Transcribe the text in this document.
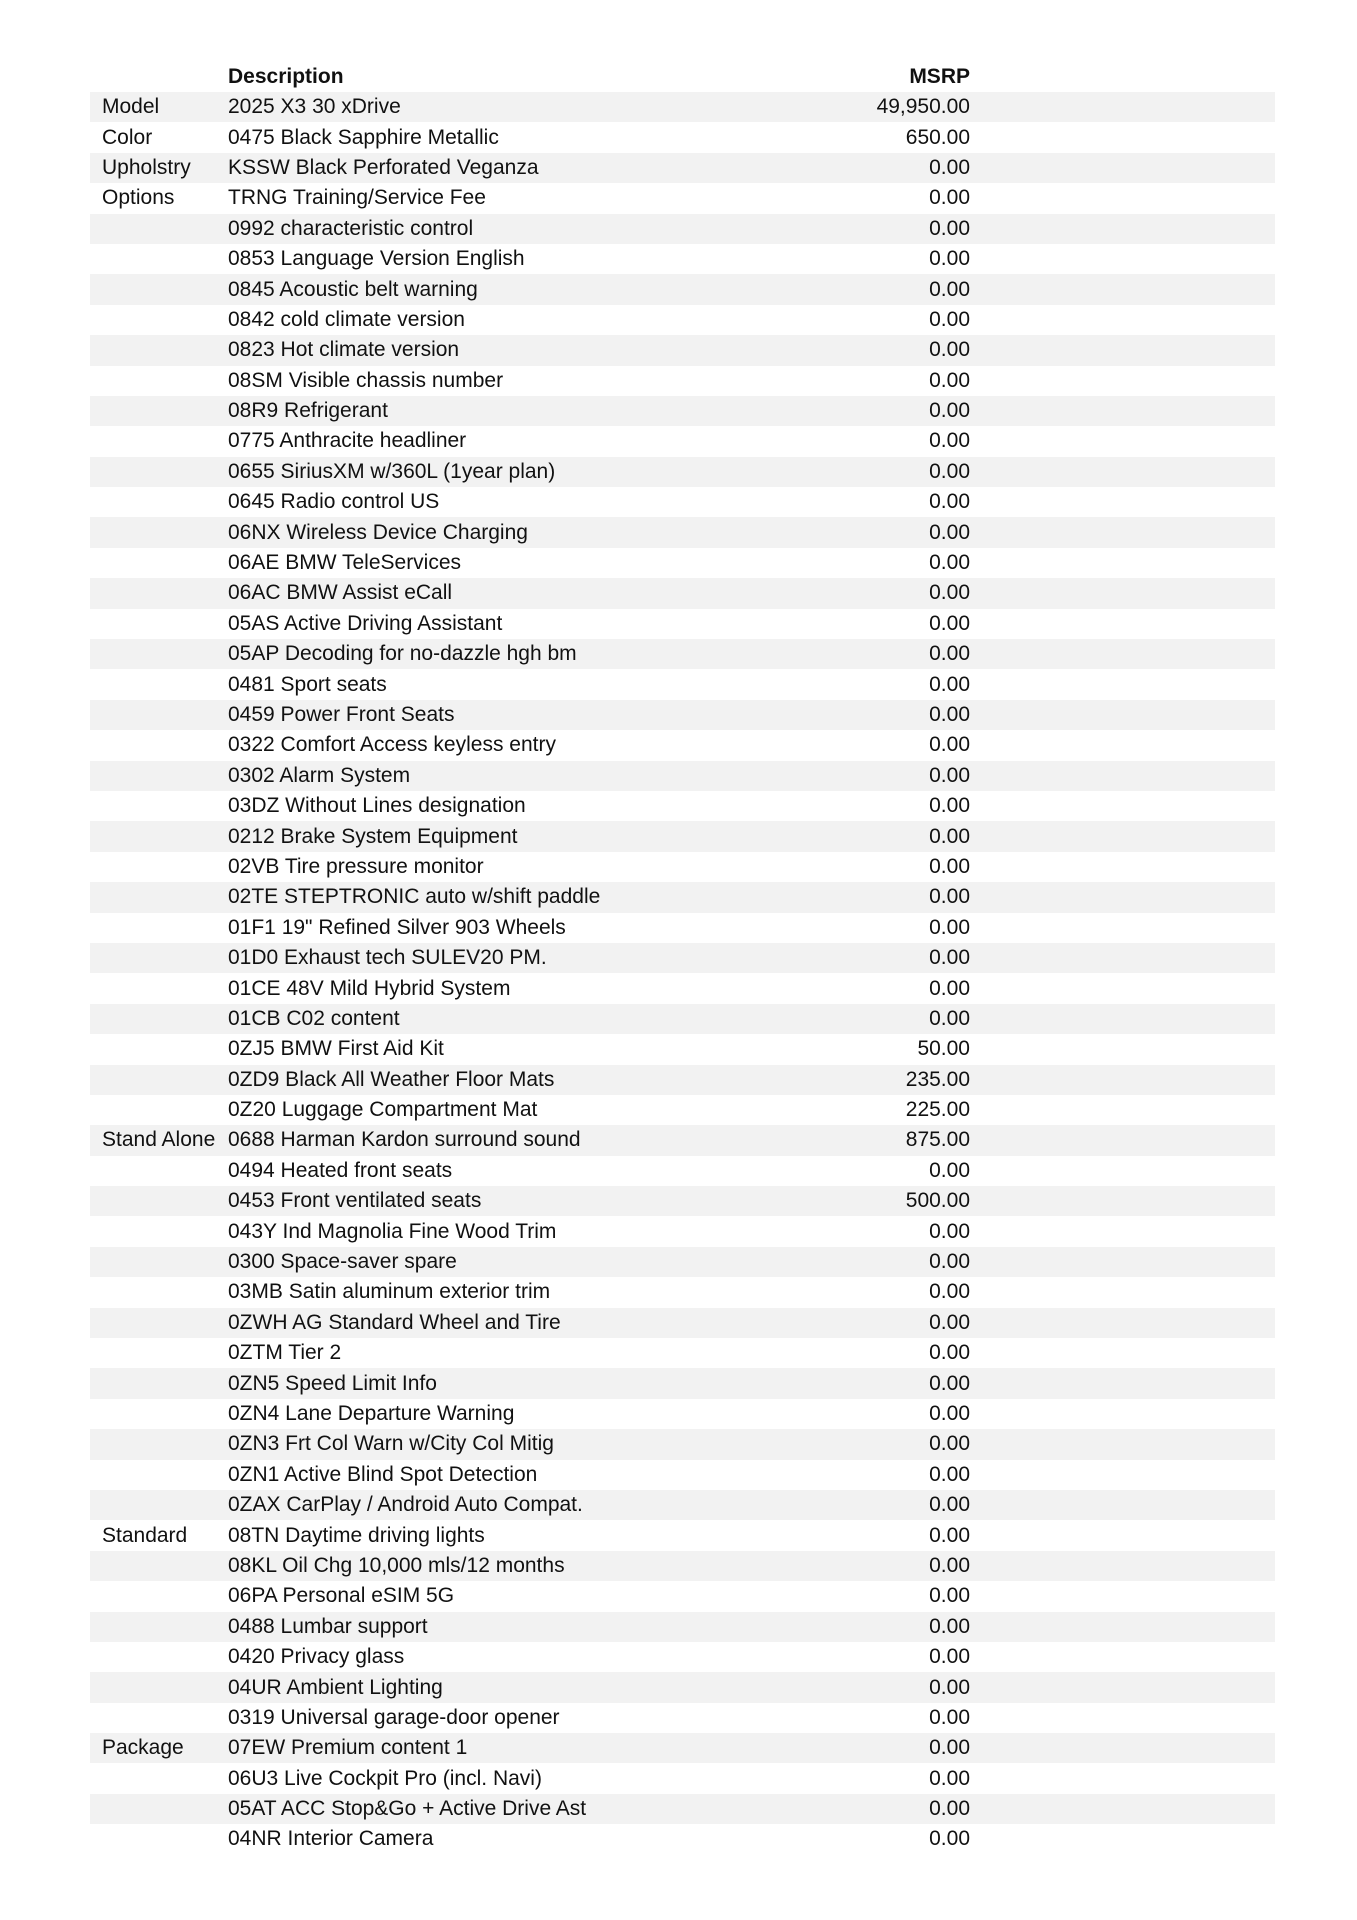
Description	MSRP
Model	2025 X3 30 xDrive	49,950.00
Color	0475 Black Sapphire Metallic	650.00
Upholstry	KSSW Black Perforated Veganza	0.00
Options	TRNG Training/Service Fee	0.00
0992 characteristic control	0.00
0853 Language Version English	0.00
0845 Acoustic belt warning	0.00
0842 cold climate version	0.00
0823 Hot climate version	0.00
08SM Visible chassis number	0.00
08R9 Refrigerant	0.00
0775 Anthracite headliner	0.00
0655 SiriusXM w/360L (1year plan)	0.00
0645 Radio control US	0.00
06NX Wireless Device Charging	0.00
06AE BMW TeleServices	0.00
06AC BMW Assist eCall	0.00
05AS Active Driving Assistant	0.00
05AP Decoding for no-dazzle hgh bm	0.00
0481 Sport seats	0.00
0459 Power Front Seats	0.00
0322 Comfort Access keyless entry	0.00
0302 Alarm System	0.00
03DZ Without Lines designation	0.00
0212 Brake System Equipment	0.00
02VB Tire pressure monitor	0.00
02TE STEPTRONIC auto w/shift paddle	0.00
01F1 19" Refined Silver 903 Wheels	0.00
01D0 Exhaust tech SULEV20 PM.	0.00
01CE 48V Mild Hybrid System	0.00
01CB C02 content	0.00
0ZJ5 BMW First Aid Kit	50.00
0ZD9 Black All Weather Floor Mats	235.00
0Z20 Luggage Compartment Mat	225.00
Stand Alone 0688 Harman Kardon surround sound	875.00
0494 Heated front seats	0.00
0453 Front ventilated seats	500.00
043Y Ind Magnolia Fine Wood Trim	0.00
0300 Space-saver spare	0.00
03MB Satin aluminum exterior trim	0.00
0ZWH AG Standard Wheel and Tire	0.00
0ZTM Tier 2	0.00
0ZN5 Speed Limit Info	0.00
0ZN4 Lane Departure Warning	0.00
0ZN3 Frt Col Warn w/City Col Mitig	0.00
0ZN1 Active Blind Spot Detection	0.00
0ZAX CarPlay / Android Auto Compat.	0.00
Standard	08TN Daytime driving lights	0.00
08KL Oil Chg 10,000 mls/12 months	0.00
06PA Personal eSIM 5G	0.00
0488 Lumbar support	0.00
0420 Privacy glass	0.00
04UR Ambient Lighting	0.00
0319 Universal garage-door opener	0.00
Package	07EW Premium content 1	0.00
06U3 Live Cockpit Pro (incl. Navi)	0.00
05AT ACC Stop&Go + Active Drive Ast	0.00
04NR Interior Camera	0.00
